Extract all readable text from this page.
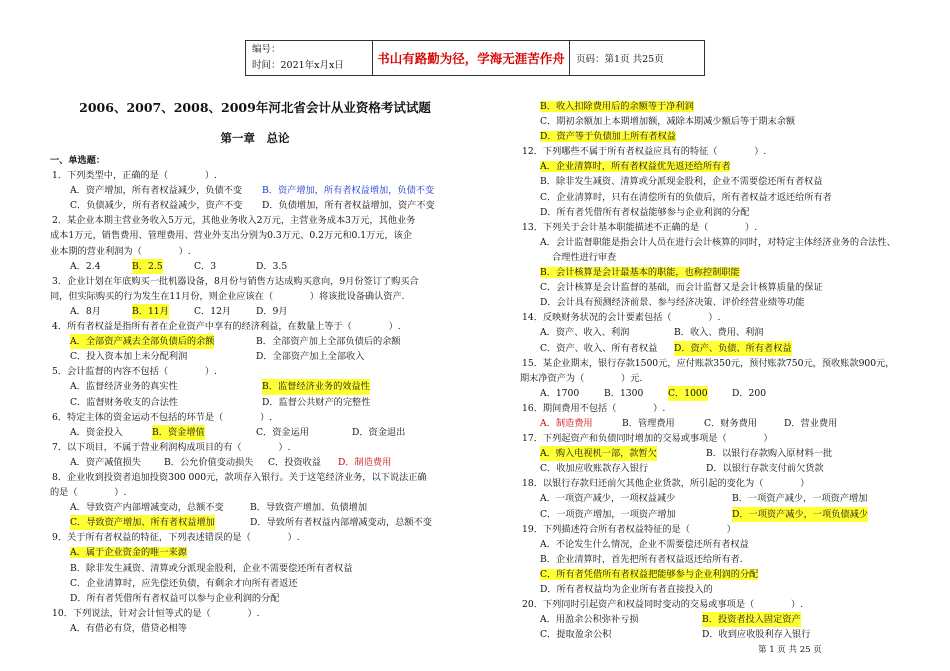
编号：
时间：2021年x月x日	书山有路勤为径，学海无涯苦作舟	页码：第1页 共25页
2006、2007、2008、2009年河北省会计从业资格考试试题
第一章　总论
一、单选题：
1．下列类型中，正确的是（　　　　）.
A．资产增加，所有者权益减少，负债不变	B．资产增加，所有者权益增加，负债不变
C．负债减少，所有者权益减少，资产不变	D．负债增加，所有者权益增加，资产不变
2．某企业本期主营业务收入5万元，其他业务收入2万元，主营业务成本3万元，其他业务
成本1万元，销售费用、管理费用、营业外支出分别为0.3万元、0.2万元和0.1万元，该企
业本期的营业利润为（　　　　）.
A．2.4	B．2.5	C．3	D．3.5
3．企业计划在年底购买一批机器设备，8月份与销售方达成购买意向，9月份签订了购买合
同，但实际购买的行为发生在11月份，则企业应该在（　　　　）将该批设备确认资产.
A．8月	B．11月	C．12月	D．9月
4．所有者权益是指所有者在企业资产中享有的经济利益，在数量上等于（　　　　）.
A．全部资产减去全部负债后的余额	B．全部资产加上全部负债后的余额
C．投入资本加上未分配利润	D．全部资产加上全部收入
5．会计监督的内容不包括（　　　　）.
A．监督经济业务的真实性	B．监督经济业务的效益性
C．监督财务收支的合法性	D．监督公共财产的完整性
6．特定主体的资金运动不包括的环节是（　　　　）.
A．资金投入	B．资金增值	C．资金运用	D．资金退出
7．以下项目，不属于营业利润构成项目的有（　　　　）.
A．资产减值损失	B．公允价值变动损失	C．投资收益	D．制造费用
8．企业收到投资者追加投资300 000元，款项存入银行。关于这笔经济业务，以下说法正确
的是（　　　　）.
A．导致资产内部增减变动，总额不变	B．导致资产增加、负债增加
C．导致资产增加、所有者权益增加	D．导致所有者权益内部增减变动，总额不变
9．关于所有者权益的特征，下列表述错误的是（　　　　）.
A．属于企业资金的唯一来源
B．除非发生减资、清算或分派现金股利，企业不需要偿还所有者权益
C．企业清算时，应先偿还负债，有剩余才向所有者返还
D．所有者凭借所有者权益可以参与企业利润的分配
10．下列说法，针对会计恒等式的是（　　　　）.
A．有借必有贷，借贷必相等
B．收入扣除费用后的余额等于净利润
C．期初余额加上本期增加额，减除本期减少额后等于期末余额
D．资产等于负债加上所有者权益
12．下列哪些不属于所有者权益应具有的特征（　　　　）.
A．企业清算时，所有者权益优先返还给所有者
B．除非发生减资、清算或分派现金股利，企业不需要偿还所有者权益
C．企业清算时，只有在清偿所有的负债后，所有者权益才返还给所有者
D．所有者凭借所有者权益能够参与企业利润的分配
13．下列关于会计基本职能描述不正确的是（　　　　）.
A．会计监督职能是指会计人员在进行会计核算的同时，对特定主体经济业务的合法性、
合理性进行审查
B．会计核算是会计最基本的职能，也称控制职能
C．会计核算是会计监督的基础，而会计监督又是会计核算质量的保证
D．会计具有预测经济前景、参与经济决策、评价经营业绩等功能
14．反映财务状况的会计要素包括（　　　　）.
A．资产、收入、利润	B．收入、费用、利润
C．资产、收入、所有者权益	D．资产、负债、所有者权益
15．某企业期末，银行存款1500元，应付账款350元，预付账款750元，预收账款900元，
期末净资产为（　　　　）元.
A．1700	B．1300	C．1000	D．200
16．期间费用不包括（　　　　）.
A．制造费用	B．管理费用	C．财务费用	D．营业费用
17．下列起资产和负债同时增加的交易或事项是（　　　　）
A．购入电视机一部，款暂欠	B．以银行存款购入原材料一批
C．收加应收账款存入银行	D．以银行存款支付前欠货款
18．以银行存款归还前欠其他企业货款，所引起的变化为（　　　　）
A．一项资产减少，一项权益减少	B．一项资产减少，一项资产增加
C．一项资产增加，一项资产增加	D．一项资产减少，一项负债减少
19．下列描述符合所有者权益特征的是（　　　　）
A．不论发生什么情况，企业不需要偿还所有者权益
B．企业清算时，首先把所有者权益返还给所有者.
C．所有者凭借所有者权益把能够参与企业利润的分配
D．所有者权益均为企业所有者直接投入的
20．下列同时引起资产和权益同时变动的交易或事项是（　　　　）.
A．用盈余公积弥补亏损	B．投资者投入固定资产
C．提取盈余公积	D．收到应收股利存入银行
第 1 页 共 25 页
